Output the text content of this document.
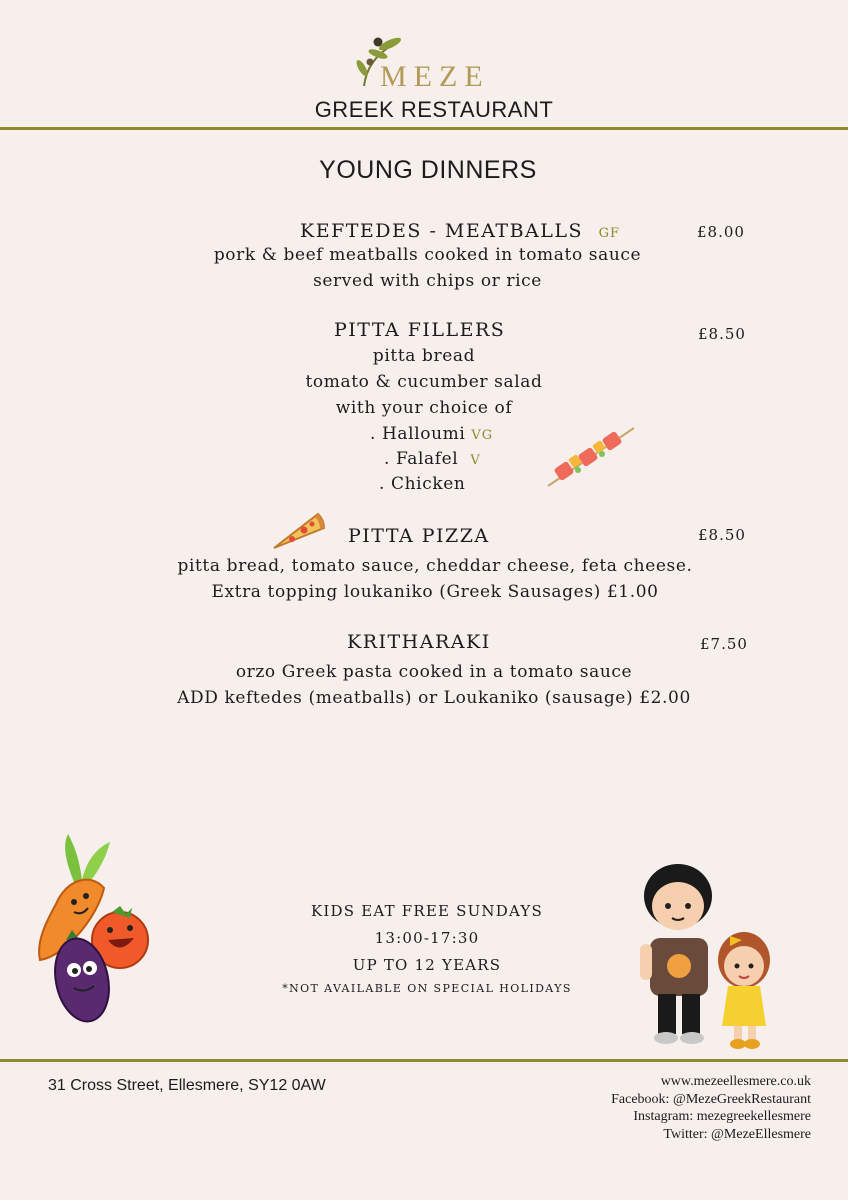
MEZE
GREEK RESTAURANT
YOUNG DINNERS
KEFTEDES - MEATBALLS GF	£8.00
pork & beef meatballs cooked in tomato sauce
served with chips or rice
PITTA FILLERS	£8.50
pitta bread
tomato & cucumber salad
with your choice of
. Halloumi VG
. Falafel V
. Chicken
PITTA PIZZA	£8.50
pitta bread, tomato sauce, cheddar cheese, feta cheese.
Extra topping loukaniko (Greek Sausages) £1.00
KRITHARAKI	£7.50
orzo Greek pasta cooked in a tomato sauce
ADD keftedes (meatballs) or Loukaniko (sausage) £2.00
KIDS EAT FREE SUNDAYS
13:00-17:30
UP TO 12 YEARS
*NOT AVAILABLE ON SPECIAL HOLIDAYS
31 Cross Street, Ellesmere, SY12 0AW	www.mezeellesmere.co.uk
Facebook: @MezeGreekRestaurant
Instagram: mezegreekellesmere
Twitter: @MezeEllesmere
